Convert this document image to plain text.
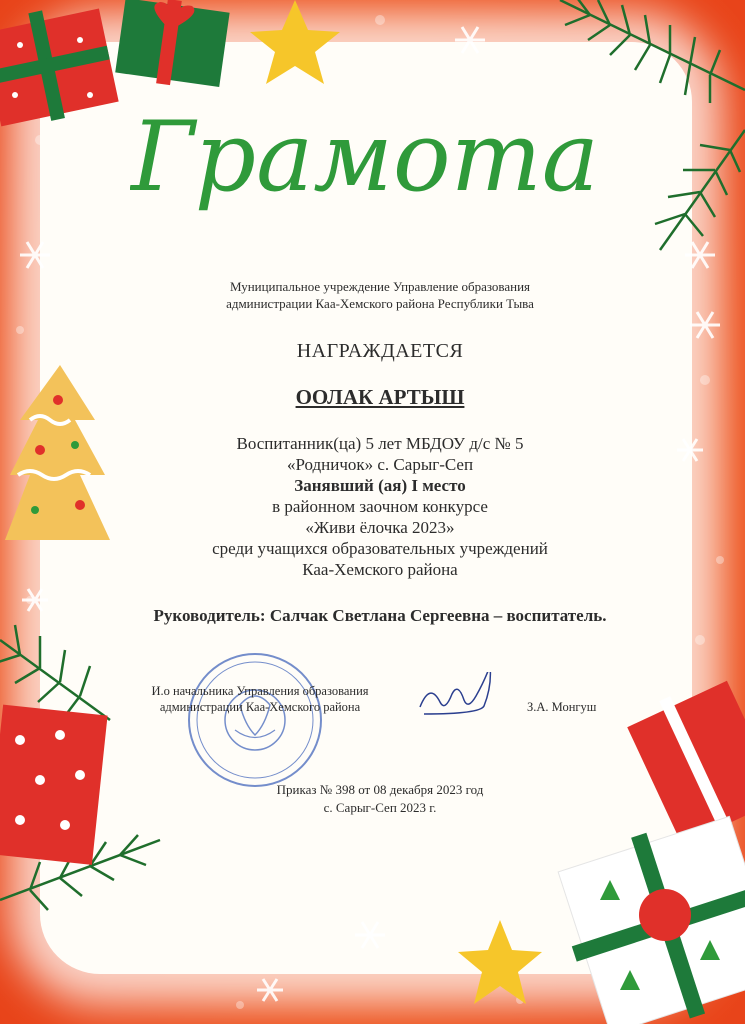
Грамота
Муниципальное учреждение Управление образования
администрации Каа-Хемского района Республики Тыва
НАГРАЖДАЕТСЯ
ООЛАК АРТЫШ
Воспитанник(ца) 5 лет МБДОУ д/с № 5
«Родничок» с. Сарыг-Сеп
Занявший (ая) I место
в районном заочном конкурсе
«Живи ёлочка 2023»
среди учащихся образовательных учреждений
Каа-Хемского района
Руководитель: Салчак Светлана Сергеевна – воспитатель.
И.о начальника Управления образования
администрации Каа-Хемского района	З.А. Монгуш
Приказ № 398 от 08 декабря 2023 год
с. Сарыг-Сеп 2023 г.
